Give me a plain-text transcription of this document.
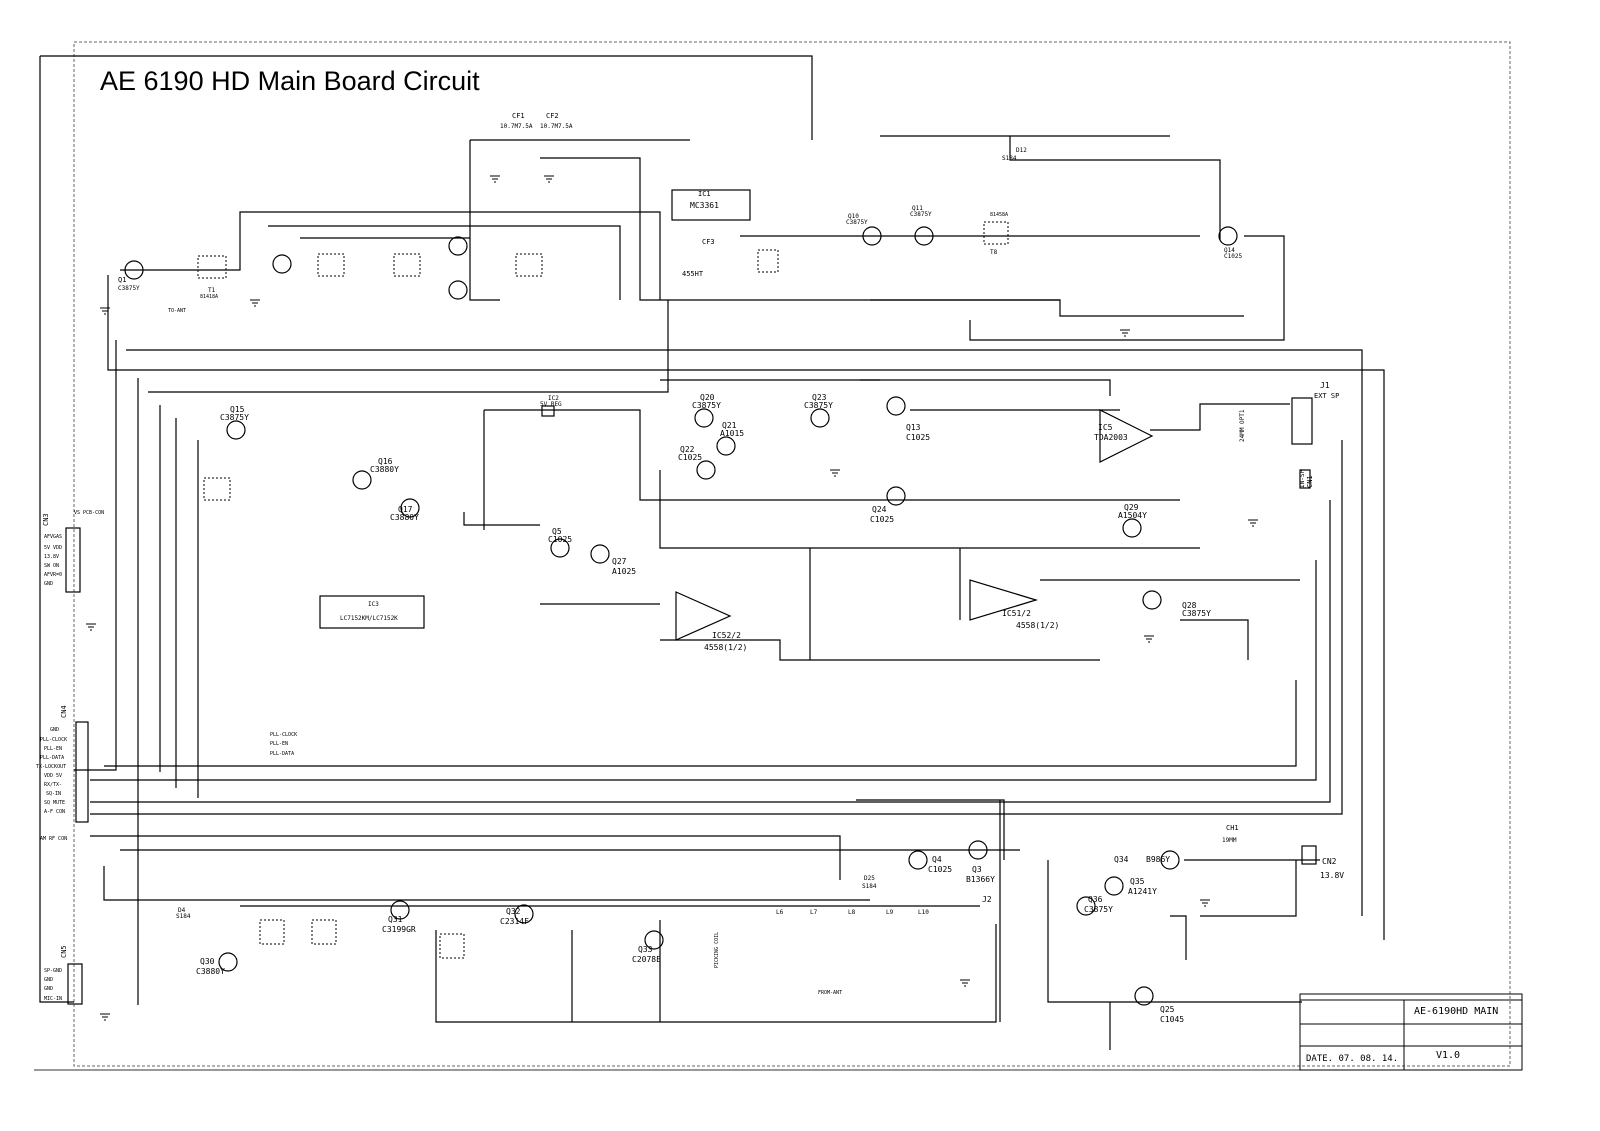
IC1
MC3361
IC5
TDA2003
IC3
LC7152KM/LC7152K
IC52/2
4558(1/2)
IC51/2
4558(1/2)
IC2
5V REG
Q1
C3875Y
Q15
C3875Y
Q16
C3880Y
Q17
C3880Y
Q20
C3875Y
Q21
A1015
Q22
C1025
Q23
C3875Y
Q13
C1025
Q24
C1025
Q5
C1025
Q27
A1025
Q29
A1504Y
Q28
C3875Y
Q14
C1025
Q10
C3875Y
Q11
C3875Y
Q4
C1025 Q3
B1366Y
Q34 B986Y
Q35
A1241Y
Q36
C3875Y
Q25
C1045
Q30
C3880Y
Q31
C3199GR
Q32
C2314F
Q33
C2078E
CN3
VS PCB-CON
AFVGAS
5V VDD
13.8V
SW ON
AFVR=0
GND
CN4
GND
PLL-CLOCK
PLL-EN
PLL-DATA
TX-LOCKOUT
VDD 5V
RX/TX-
SQ-IN
SQ MUTE
A-F CON
CN5
SP-GND
GND
GND
MIC-IN
CN2
13.8V
CN1
IN-SP
J1
EXT SP
J2
PLL-CLOCK
PLL-EN
PLL-DATA
CF1
10.7M7.5A
CF2
10.7M7.5A
CF3
455HT
CH1
19MM
D12
S184
D25
S184
D4
S184
T1
81418A
T8
81458A
AM RF CON
TO-ANT
FROM-ANT
PICKING COIL
24MM OPT1
L6	L7	L8	L9	L10
AE 6190 HD Main Board Circuit
AE-6190HD MAIN
DATE. 07. 08. 14.	V1.0
